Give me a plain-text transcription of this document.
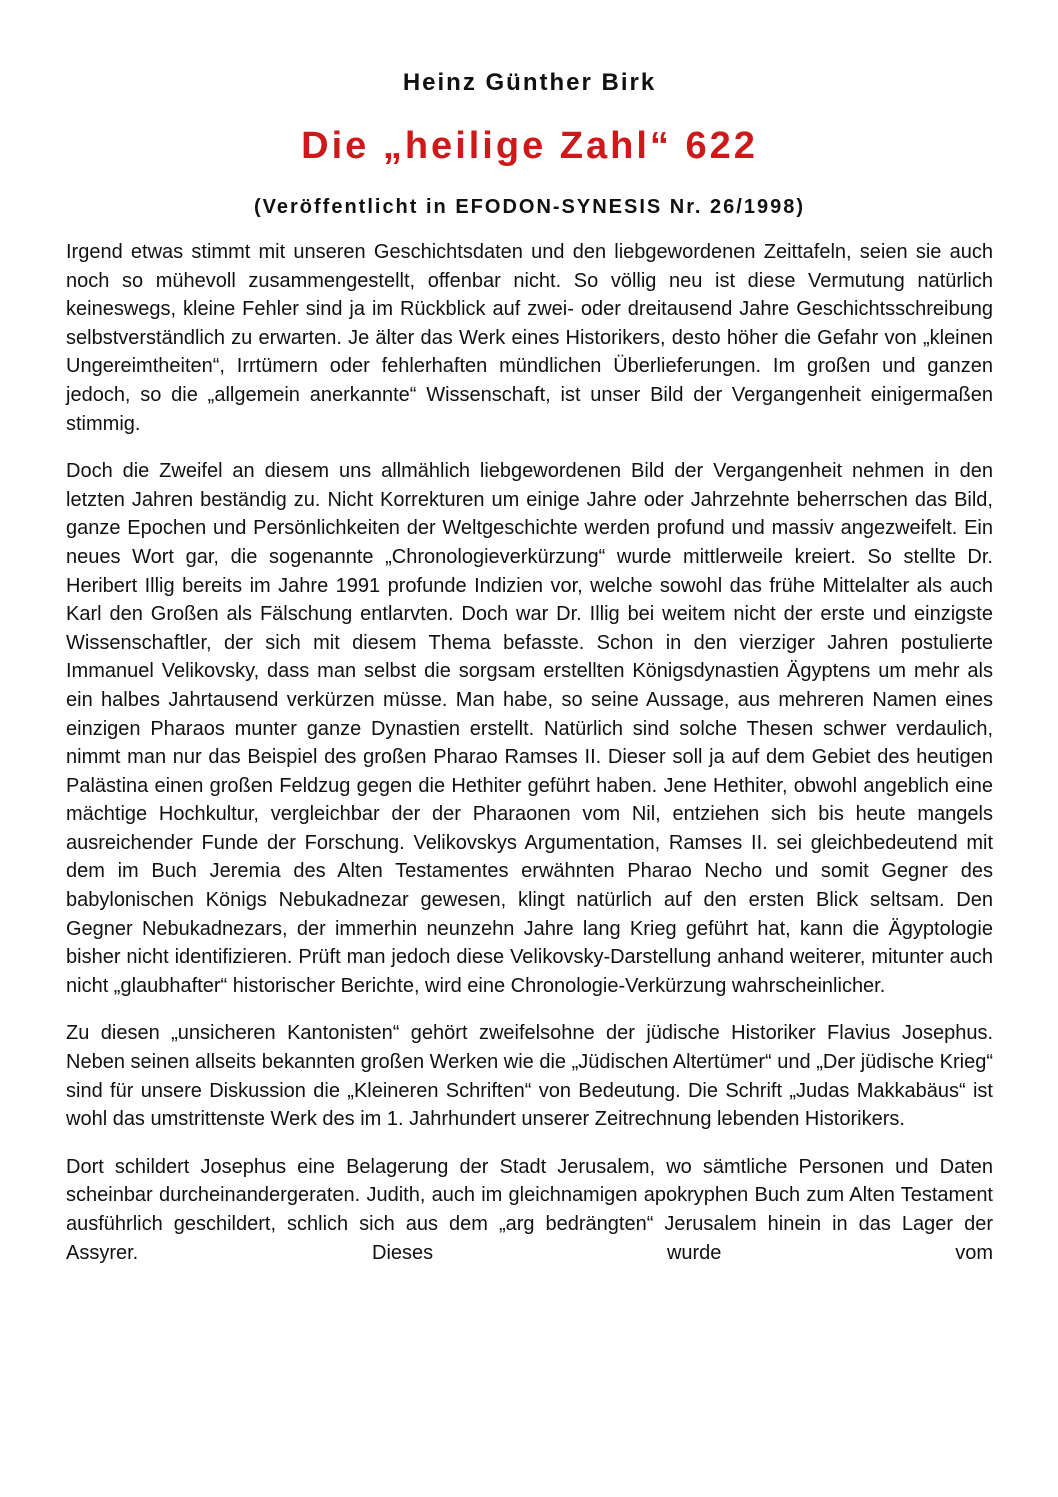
Heinz Günther Birk
Die „heilige Zahl“ 622
(Veröffentlicht in EFODON-SYNESIS Nr. 26/1998)

Irgend etwas stimmt mit unseren Geschichtsdaten und den liebgewordenen Zeittafeln, seien sie auch noch so mühevoll zusammengestellt, offenbar nicht. So völlig neu ist diese Vermutung natürlich keineswegs, kleine Fehler sind ja im Rückblick auf zwei- oder dreitausend Jahre Geschichtsschreibung selbstverständlich zu erwarten. Je älter das Werk eines Historikers, desto höher die Gefahr von „kleinen Ungereimtheiten“, Irrtümern oder fehlerhaften mündlichen Überlieferungen. Im großen und ganzen jedoch, so die „allgemein anerkannte“ Wissenschaft, ist unser Bild der Vergangenheit einigermaßen stimmig.

Doch die Zweifel an diesem uns allmählich liebgewordenen Bild der Vergangenheit nehmen in den letzten Jahren beständig zu. Nicht Korrekturen um einige Jahre oder Jahrzehnte beherrschen das Bild, ganze Epochen und Persönlichkeiten der Weltgeschichte werden profund und massiv angezweifelt. Ein neues Wort gar, die sogenannte „Chronologieverkürzung“ wurde mittlerweile kreiert. So stellte Dr. Heribert Illig bereits im Jahre 1991 profunde Indizien vor, welche sowohl das frühe Mittelalter als auch Karl den Großen als Fälschung entlarvten. Doch war Dr. Illig bei weitem nicht der erste und einzigste Wissenschaftler, der sich mit diesem Thema befasste. Schon in den vierziger Jahren postulierte Immanuel Velikovsky, dass man selbst die sorgsam erstellten Königsdynastien Ägyptens um mehr als ein halbes Jahrtausend verkürzen müsse. Man habe, so seine Aussage, aus mehreren Namen eines einzigen Pharaos munter ganze Dynastien erstellt. Natürlich sind solche Thesen schwer verdaulich, nimmt man nur das Beispiel des großen Pharao Ramses II. Dieser soll ja auf dem Gebiet des heutigen Palästina einen großen Feldzug gegen die Hethiter geführt haben. Jene Hethiter, obwohl angeblich eine mächtige Hochkultur, vergleichbar der der Pharaonen vom Nil, entziehen sich bis heute mangels ausreichender Funde der Forschung. Velikovskys Argumentation, Ramses II. sei gleichbedeutend mit dem im Buch Jeremia des Alten Testamentes erwähnten Pharao Necho und somit Gegner des babylonischen Königs Nebukadnezar gewesen, klingt natürlich auf den ersten Blick seltsam. Den Gegner Nebukadnezars, der immerhin neunzehn Jahre lang Krieg geführt hat, kann die Ägyptologie bisher nicht identifizieren. Prüft man jedoch diese Velikovsky-Darstellung anhand weiterer, mitunter auch nicht „glaubhafter“ historischer Berichte, wird eine Chronologie-Verkürzung wahrscheinlicher.

Zu diesen „unsicheren Kantonisten“ gehört zweifelsohne der jüdische Historiker Flavius Josephus. Neben seinen allseits bekannten großen Werken wie die „Jüdischen Altertümer“ und „Der jüdische Krieg“ sind für unsere Diskussion die „Kleineren Schriften“ von Bedeutung. Die Schrift „Judas Makkabäus“ ist wohl das umstrittenste Werk des im 1. Jahrhundert unserer Zeitrechnung lebenden Historikers.

Dort schildert Josephus eine Belagerung der Stadt Jerusalem, wo sämtliche Personen und Daten scheinbar durcheinandergeraten. Judith, auch im gleichnamigen apokryphen Buch zum Alten Testament ausführlich geschildert, schlich sich aus dem „arg bedrängten“ Jerusalem hinein in das Lager der Assyrer. Dieses wurde vom
